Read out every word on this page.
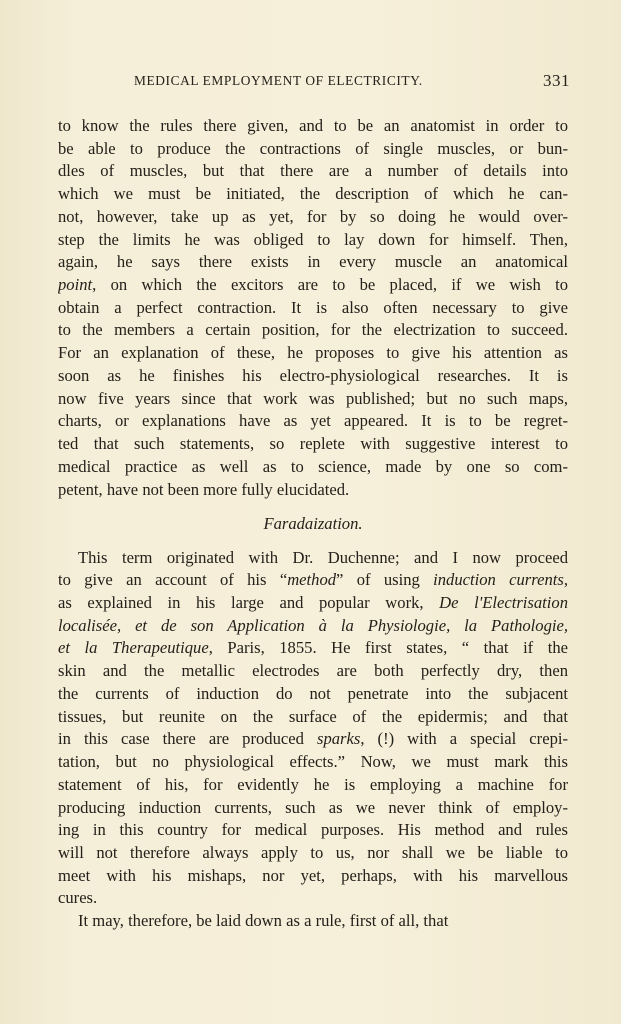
MEDICAL EMPLOYMENT OF ELECTRICITY.	331
to know the rules there given, and to be an anatomist in order to
be able to produce the contractions of single muscles, or bun-
dles of muscles, but that there are a number of details into
which we must be initiated, the description of which he can-
not, however, take up as yet, for by so doing he would over-
step the limits he was obliged to lay down for himself. Then,
again, he says there exists in every muscle an anatomical
point, on which the excitors are to be placed, if we wish to
obtain a perfect contraction. It is also often necessary to give
to the members a certain position, for the electrization to succeed.
For an explanation of these, he proposes to give his attention as
soon as he finishes his electro-physiological researches. It is
now five years since that work was published; but no such maps,
charts, or explanations have as yet appeared. It is to be regret-
ted that such statements, so replete with suggestive interest to
medical practice as well as to science, made by one so com-
petent, have not been more fully elucidated.
Faradaization.
This term originated with Dr. Duchenne; and I now proceed
to give an account of his “method” of using induction currents,
as explained in his large and popular work, De l'Electrisation
localisée, et de son Application à la Physiologie, la Pathologie,
et la Therapeutique, Paris, 1855. He first states, “ that if the
skin and the metallic electrodes are both perfectly dry, then
the currents of induction do not penetrate into the subjacent
tissues, but reunite on the surface of the epidermis; and that
in this case there are produced sparks, (!) with a special crepi-
tation, but no physiological effects.” Now, we must mark this
statement of his, for evidently he is employing a machine for
producing induction currents, such as we never think of employ-
ing in this country for medical purposes. His method and rules
will not therefore always apply to us, nor shall we be liable to
meet with his mishaps, nor yet, perhaps, with his marvellous
cures.
It may, therefore, be laid down as a rule, first of all, that
